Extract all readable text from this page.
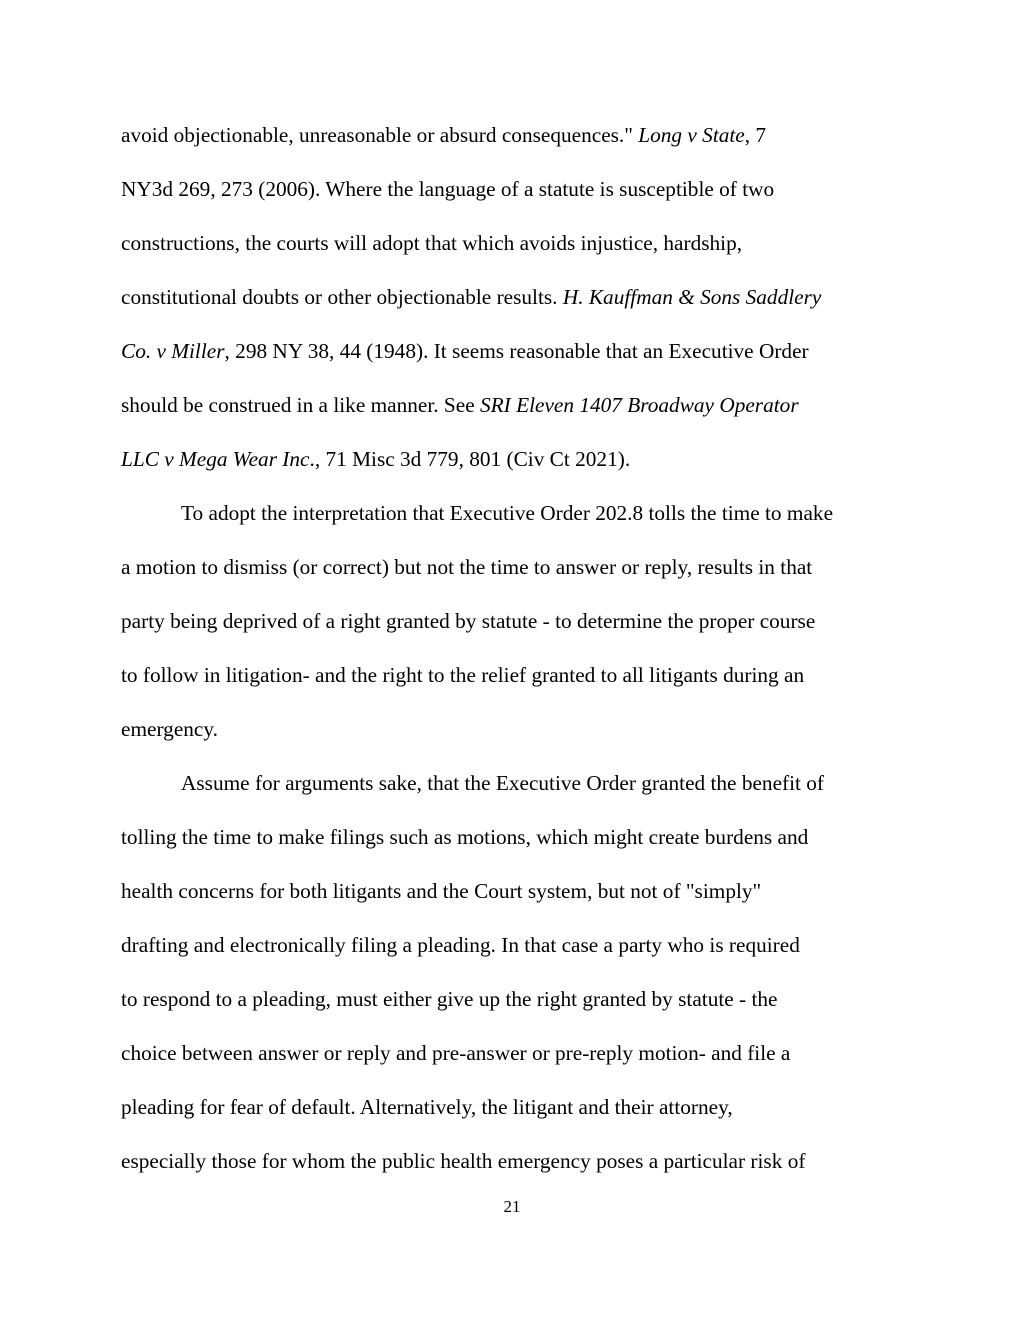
avoid objectionable, unreasonable or absurd consequences." Long v State, 7
NY3d 269, 273 (2006). Where the language of a statute is susceptible of two
constructions, the courts will adopt that which avoids injustice, hardship,
constitutional doubts or other objectionable results. H. Kauffman & Sons Saddlery
Co. v Miller, 298 NY 38, 44 (1948). It seems reasonable that an Executive Order
should be construed in a like manner. See SRI Eleven 1407 Broadway Operator
LLC v Mega Wear Inc., 71 Misc 3d 779, 801 (Civ Ct 2021).
To adopt the interpretation that Executive Order 202.8 tolls the time to make
a motion to dismiss (or correct) but not the time to answer or reply, results in that
party being deprived of a right granted by statute - to determine the proper course
to follow in litigation- and the right to the relief granted to all litigants during an
emergency.
Assume for arguments sake, that the Executive Order granted the benefit of
tolling the time to make filings such as motions, which might create burdens and
health concerns for both litigants and the Court system, but not of "simply"
drafting and electronically filing a pleading. In that case a party who is required
to respond to a pleading, must either give up the right granted by statute - the
choice between answer or reply and pre-answer or pre-reply motion- and file a
pleading for fear of default. Alternatively, the litigant and their attorney,
especially those for whom the public health emergency poses a particular risk of
21
